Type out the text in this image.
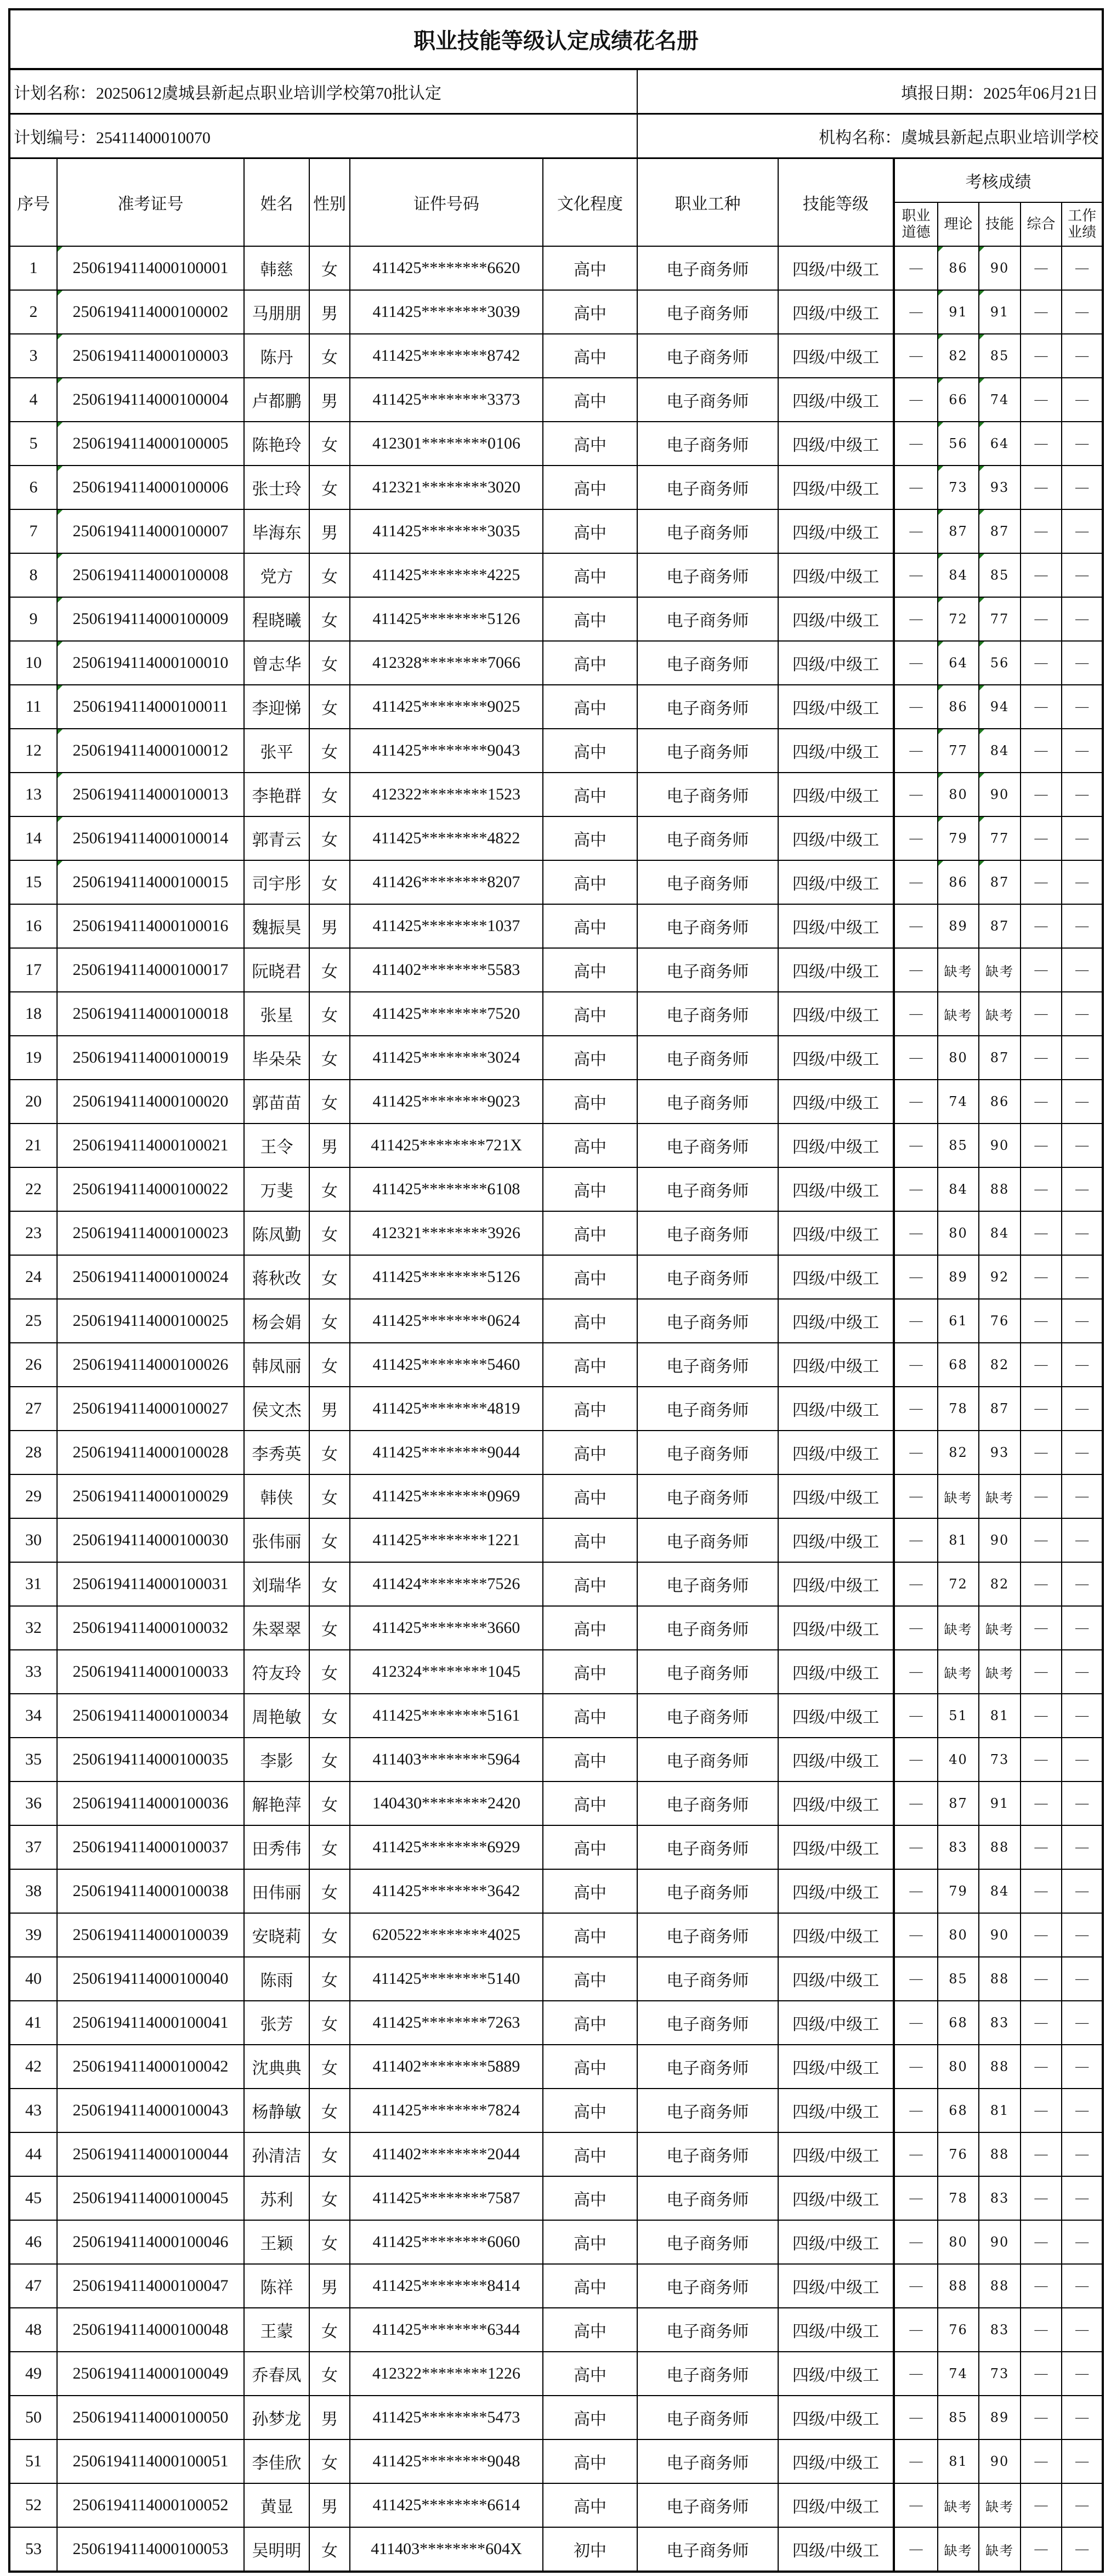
职业技能等级认定成绩花名册												
计划名称：20250612虞城县新起点职业培训学校第70批认定						填报日期：2025年06月21日						
计划编号：25411400010070						机构名称：虞城县新起点职业培训学校						
序号	准考证号	姓名	性别	证件号码	文化程度	职业工种	技能等级	考核成绩				
								职业道德	理论	技能	综合	工作业绩
1	2506194114000100001	韩慈	女	411425********6620	高中	电子商务师	四级/中级工	—	86	90	—	—
2	2506194114000100002	马朋朋	男	411425********3039	高中	电子商务师	四级/中级工	—	91	91	—	—
3	2506194114000100003	陈丹	女	411425********8742	高中	电子商务师	四级/中级工	—	82	85	—	—
4	2506194114000100004	卢都鹏	男	411425********3373	高中	电子商务师	四级/中级工	—	66	74	—	—
5	2506194114000100005	陈艳玲	女	412301********0106	高中	电子商务师	四级/中级工	—	56	64	—	—
6	2506194114000100006	张士玲	女	412321********3020	高中	电子商务师	四级/中级工	—	73	93	—	—
7	2506194114000100007	毕海东	男	411425********3035	高中	电子商务师	四级/中级工	—	87	87	—	—
8	2506194114000100008	党方	女	411425********4225	高中	电子商务师	四级/中级工	—	84	85	—	—
9	2506194114000100009	程晓曦	女	411425********5126	高中	电子商务师	四级/中级工	—	72	77	—	—
10	2506194114000100010	曾志华	女	412328********7066	高中	电子商务师	四级/中级工	—	64	56	—	—
11	2506194114000100011	李迎悌	女	411425********9025	高中	电子商务师	四级/中级工	—	86	94	—	—
12	2506194114000100012	张平	女	411425********9043	高中	电子商务师	四级/中级工	—	77	84	—	—
13	2506194114000100013	李艳群	女	412322********1523	高中	电子商务师	四级/中级工	—	80	90	—	—
14	2506194114000100014	郭青云	女	411425********4822	高中	电子商务师	四级/中级工	—	79	77	—	—
15	2506194114000100015	司宇彤	女	411426********8207	高中	电子商务师	四级/中级工	—	86	87	—	—
16	2506194114000100016	魏振昊	男	411425********1037	高中	电子商务师	四级/中级工	—	89	87	—	—
17	2506194114000100017	阮晓君	女	411402********5583	高中	电子商务师	四级/中级工	—	缺考	缺考	—	—
18	2506194114000100018	张星	女	411425********7520	高中	电子商务师	四级/中级工	—	缺考	缺考	—	—
19	2506194114000100019	毕朵朵	女	411425********3024	高中	电子商务师	四级/中级工	—	80	87	—	—
20	2506194114000100020	郭苗苗	女	411425********9023	高中	电子商务师	四级/中级工	—	74	86	—	—
21	2506194114000100021	王令	男	411425********721X	高中	电子商务师	四级/中级工	—	85	90	—	—
22	2506194114000100022	万斐	女	411425********6108	高中	电子商务师	四级/中级工	—	84	88	—	—
23	2506194114000100023	陈凤勤	女	412321********3926	高中	电子商务师	四级/中级工	—	80	84	—	—
24	2506194114000100024	蒋秋改	女	411425********5126	高中	电子商务师	四级/中级工	—	89	92	—	—
25	2506194114000100025	杨会娟	女	411425********0624	高中	电子商务师	四级/中级工	—	61	76	—	—
26	2506194114000100026	韩凤丽	女	411425********5460	高中	电子商务师	四级/中级工	—	68	82	—	—
27	2506194114000100027	侯文杰	男	411425********4819	高中	电子商务师	四级/中级工	—	78	87	—	—
28	2506194114000100028	李秀英	女	411425********9044	高中	电子商务师	四级/中级工	—	82	93	—	—
29	2506194114000100029	韩侠	女	411425********0969	高中	电子商务师	四级/中级工	—	缺考	缺考	—	—
30	2506194114000100030	张伟丽	女	411425********1221	高中	电子商务师	四级/中级工	—	81	90	—	—
31	2506194114000100031	刘瑞华	女	411424********7526	高中	电子商务师	四级/中级工	—	72	82	—	—
32	2506194114000100032	朱翠翠	女	411425********3660	高中	电子商务师	四级/中级工	—	缺考	缺考	—	—
33	2506194114000100033	符友玲	女	412324********1045	高中	电子商务师	四级/中级工	—	缺考	缺考	—	—
34	2506194114000100034	周艳敏	女	411425********5161	高中	电子商务师	四级/中级工	—	51	81	—	—
35	2506194114000100035	李影	女	411403********5964	高中	电子商务师	四级/中级工	—	40	73	—	—
36	2506194114000100036	解艳萍	女	140430********2420	高中	电子商务师	四级/中级工	—	87	91	—	—
37	2506194114000100037	田秀伟	女	411425********6929	高中	电子商务师	四级/中级工	—	83	88	—	—
38	2506194114000100038	田伟丽	女	411425********3642	高中	电子商务师	四级/中级工	—	79	84	—	—
39	2506194114000100039	安晓莉	女	620522********4025	高中	电子商务师	四级/中级工	—	80	90	—	—
40	2506194114000100040	陈雨	女	411425********5140	高中	电子商务师	四级/中级工	—	85	88	—	—
41	2506194114000100041	张芳	女	411425********7263	高中	电子商务师	四级/中级工	—	68	83	—	—
42	2506194114000100042	沈典典	女	411402********5889	高中	电子商务师	四级/中级工	—	80	88	—	—
43	2506194114000100043	杨静敏	女	411425********7824	高中	电子商务师	四级/中级工	—	68	81	—	—
44	2506194114000100044	孙清洁	女	411402********2044	高中	电子商务师	四级/中级工	—	76	88	—	—
45	2506194114000100045	苏利	女	411425********7587	高中	电子商务师	四级/中级工	—	78	83	—	—
46	2506194114000100046	王颖	女	411425********6060	高中	电子商务师	四级/中级工	—	80	90	—	—
47	2506194114000100047	陈祥	男	411425********8414	高中	电子商务师	四级/中级工	—	88	88	—	—
48	2506194114000100048	王蒙	女	411425********6344	高中	电子商务师	四级/中级工	—	76	83	—	—
49	2506194114000100049	乔春凤	女	412322********1226	高中	电子商务师	四级/中级工	—	74	73	—	—
50	2506194114000100050	孙梦龙	男	411425********5473	高中	电子商务师	四级/中级工	—	85	89	—	—
51	2506194114000100051	李佳欣	女	411425********9048	高中	电子商务师	四级/中级工	—	81	90	—	—
52	2506194114000100052	黄显	男	411425********6614	高中	电子商务师	四级/中级工	—	缺考	缺考	—	—
53	2506194114000100053	吴明明	女	411403********604X	初中	电子商务师	四级/中级工	—	缺考	缺考	—	—
